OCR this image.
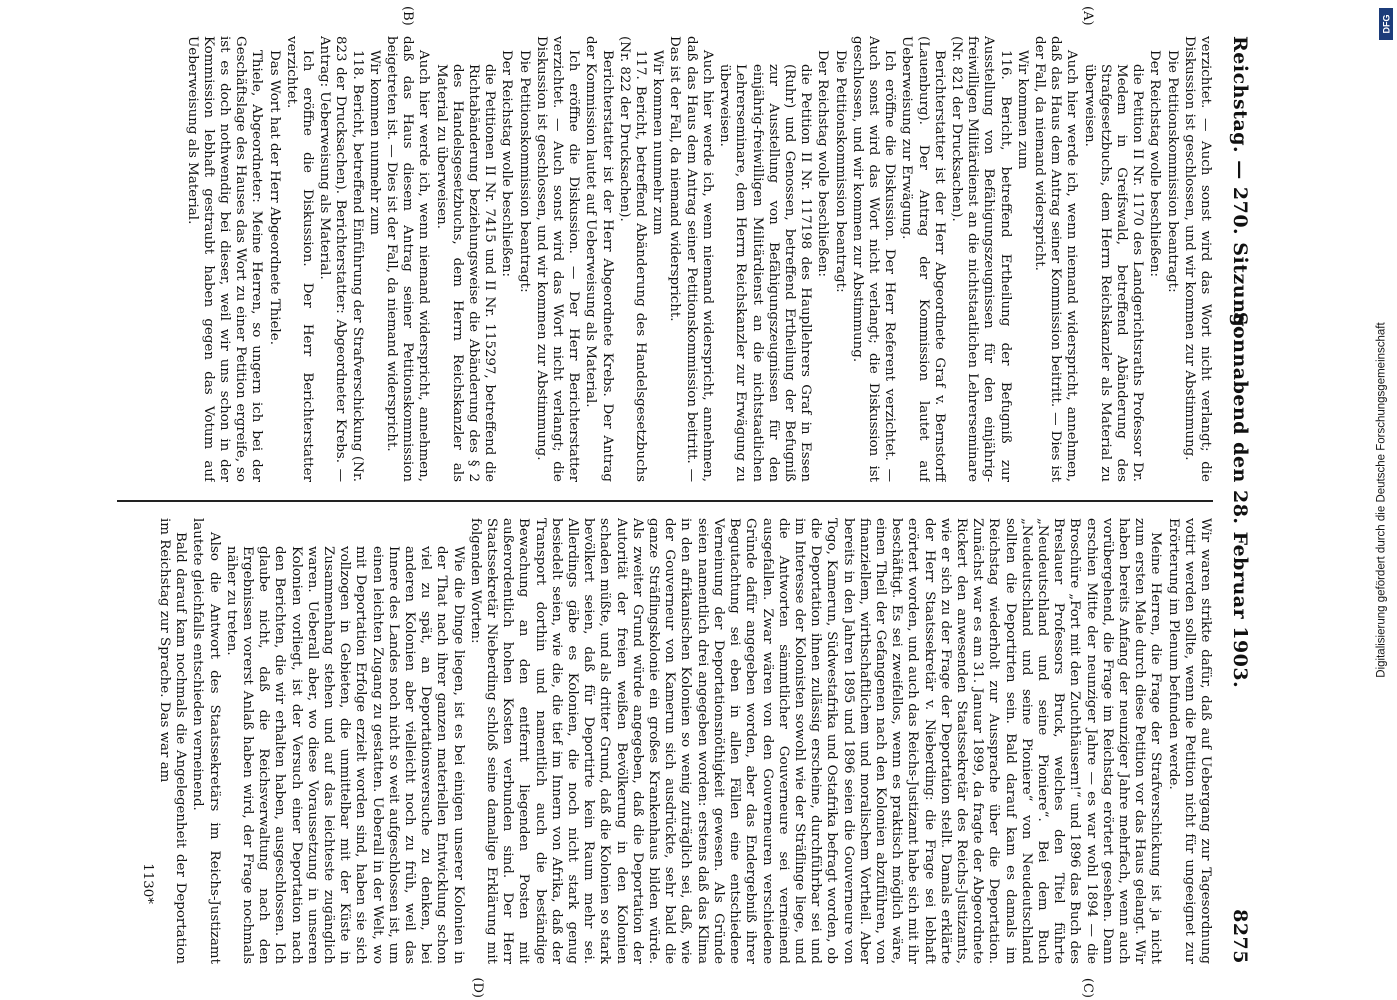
Reichstag. — 270. Sitzung.
Sonnabend den 28. Februar 1903.
8275
(A)
(B)
(C)
(D)

verzichtet. — Auch sonst wird das Wort nicht verlangt; die Diskussion ist geschlossen, und wir kommen zur Abstimmung.

Die Petitionskommission beantragt:

Der Reichstag wolle beschließen:

die Petition II Nr. 1170 des Landgerichtsraths Professor Dr. Medem in Greifswald, betreffend Abänderung des Strafgesetzbuchs, dem Herrn Reichskanzler als Material zu überweisen.

Auch hier werde ich, wenn niemand widerspricht, annehmen, daß das Haus dem Antrag seiner Kommission beitritt. — Dies ist der Fall, da niemand widerspricht.

Wir kommen zum

116. Bericht, betreffend Ertheilung der Befugniß zur Ausstellung von Befähigungszeugnissen für den einjährig-freiwilligen Militärdienst an die nichtstaatlichen Lehrerseminare (Nr. 821 der Drucksachen).

Berichterstatter ist der Herr Abgeordnete Graf v. Bernstorff (Lauenburg). Der Antrag der Kommission lautet auf Ueberweisung zur Erwägung.

Ich eröffne die Diskussion. Der Herr Referent verzichtet. — Auch sonst wird das Wort nicht verlangt; die Diskussion ist geschlossen, und wir kommen zur Abstimmung.

Die Petitionskommission beantragt:

Der Reichstag wolle beschließen:

die Petition II Nr. 117198 des Haupllehrers Graf in Essen (Ruhr) und Genossen, betreffend Ertheilung der Befugniß zur Ausstellung von Befähigungszeugnissen für den einjährig-freiwilligen Militärdienst an die nichtstaatlichen Lehrerseminare, dem Herrn Reichskanzler zur Erwägung zu überweisen.

Auch hier werde ich, wenn niemand widerspricht, annehmen, daß das Haus dem Antrag seiner Petitionskommission beitritt. — Das ist der Fall, da niemand widerspricht.

Wir kommen nunmehr zum

117. Bericht, betreffend Abänderung des Handelsgesetzbuchs (Nr. 822 der Drucksachen).

Berichterstatter ist der Herr Abgeordnete Krebs. Der Antrag der Kommission lautet auf Ueberweisung als Material.

Ich eröffne die Diskussion. — Der Herr Berichterstatter verzichtet. — Auch sonst wird das Wort nicht verlangt; die Diskussion ist geschlossen, und wir kommen zur Abstimmung.

Die Petitionskommission beantragt:

Der Reichstag wolle beschließen:

die Petitionen II Nr. 7415 und II Nr. 115297, betreffend die Richtabänderung beziehungsweise die Abänderung des § 2 des Handelsgesetzbuchs, dem Herrn Reichskanzler als Material zu überweisen.

Auch hier werde ich, wenn niemand widerspricht, annehmen, daß das Haus diesem Antrag seiner Petitionskommission beigetreten ist. — Dies ist der Fall, da niemand widerspricht.

Wir kommen nunmehr zum

118. Bericht, betreffend Einführung der Strafverschickung (Nr. 823 der Drucksachen). Berichterstatter: Abgeordneter Krebs. — Antrag: Ueberweisung als Material.

Ich eröffne die Diskussion. Der Herr Berichterstatter verzichtet.

Das Wort hat der Herr Abgeordnete Thiele.

Thiele, Abgeordneter: Meine Herren, so ungern ich bei der Geschäftslage des Hauses das Wort zu einer Petition ergreife, so ist es doch nothwendig bei dieser, weil wir uns schon in der Kommission lebhaft gestraubt haben gegen das Votum auf Ueberweisung als Material.

Wir waren strikte dafür, daß auf Uebergang zur Tagesordnung votirt werden sollte, wenn die Petition nicht für ungeeignet zur Erörterung im Plenum befunden werde.

Meine Herren, die Frage der Strafverschickung ist ja nicht zum ersten Male durch diese Petition vor das Haus gelangt. Wir haben bereits Anfang der neunziger Jahre mehrfach, wenn auch vorübergehend, die Frage im Reichstag erörtert gesehen. Dann erschien Mitte der neunziger Jahre — es war wohl 1894 — die Broschüre „Fort mit den Zuchthäusern!“ und 1896 das Buch des Breslauer Professors Bruck, welches den Titel führte „Neudeutschland und seine Pioniere“. Bei dem Buch „Neudeutschland und seine Pioniere“ von Neudeutschland sollten die Deportirten sein. Bald darauf kam es damals im Reichstag wiederholt zur Aussprache über die Deportation. Zunächst war es am 31. Januar 1899, da fragte der Abgeordnete Rickert den anwesenden Staatssekretär des Reichs-Justizamts, wie er sich zu der Frage der Deportation stellt. Damals erklärte der Herr Staatssekretär v. Nieberding: die Frage sei lebhaft erörtert worden, und auch das Reichs-Justizamt habe sich mit ihr beschäftigt. Es sei zweifellos, wenn es praktisch möglich wäre, einen Theil der Gefangenen nach den Kolonien abzuführen, von finanziellem, wirthschaftlichem und moralischem Vortheil. Aber bereits in den Jahren 1895 und 1896 seien die Gouverneure von Togo, Kamerun, Südwestafrika und Ostafrika befragt worden, ob die Deportation ihnen zulässig erscheine, durchführbar sei und im Interesse der Kolonisten sowohl wie der Sträflinge liege, und die Antworten sämmtlicher Gouverneure sei verneinend ausgefallen. Zwar wären von den Gouverneuren verschiedene Gründe dafür angegeben worden, aber das Endergebniß ihrer Begutachtung sei eben in allen Fällen eine entschiedene Verneinung der Deportationsnöthigkeit gewesen. Als Gründe seien namentlich drei angegeben worden: erstens daß das Klima in den afrikanischen Kolonien so wenig zuträglich sei, daß, wie der Gouverneur von Kamerun sich ausdrückte, sehr bald die ganze Sträflingskolonie ein großes Krankenhaus bilden würde. Als zweiter Grund würde angegeben, daß die Deportation der Autorität der freien weißen Bevölkerung in den Kolonien schaden müßte, und als dritter Grund, daß die Kolonien so stark bevölkert seien, daß für Deportirte kein Raum mehr sei. Allerdings gäbe es Kolonien, die noch nicht stark genug besiedelt seien, wie die, die tief im Innern von Afrika, daß der Transport dorthin und namentlich auch die beständige Bewachung an den entfernt liegenden Posten mit außerordentlich hohen Kosten verbunden sind. Der Herr Staatssekretär Nieberding schloß seine damalige Erklärung mit folgenden Worten:

Wie die Dinge liegen, ist es bei einigen unserer Kolonien in der That nach ihrer ganzen materiellen Entwicklung schon viel zu spät, an Deportationsversuche zu denken, bei anderen Kolonien aber vielleicht noch zu früh, weil das Innere des Landes noch nicht so weit aufgeschlossen ist, um einen leichten Zugang zu gestatten. Ueberall in der Welt, wo mit Deportation Erfolge erzielt worden sind, haben sie sich vollzogen in Gebieten, die unmittelbar mit der Küste in Zusammenhang stehen und auf das leichteste zugänglich waren. Ueberall aber, wo diese Voraussetzung in unseren Kolonien vorliegt, ist der Versuch einer Deportation nach den Berichten, die wir erhalten haben, ausgeschlossen. Ich glaube nicht, daß die Reichsverwaltung nach den Ergebnissen vorerst Anlaß haben wird, der Frage nochmals näher zu treten.

Also die Antwort des Staatssekretärs im Reichs-Justizamt lautete gleichfalls entschieden verneinend.

Bald darauf kam nochmals die Angelegenheit der Deportation im Reichstag zur Sprache. Das war am

1130*

DFG
Digitalisierung gefördert durch die Deutsche Forschungsgemeinschaft
